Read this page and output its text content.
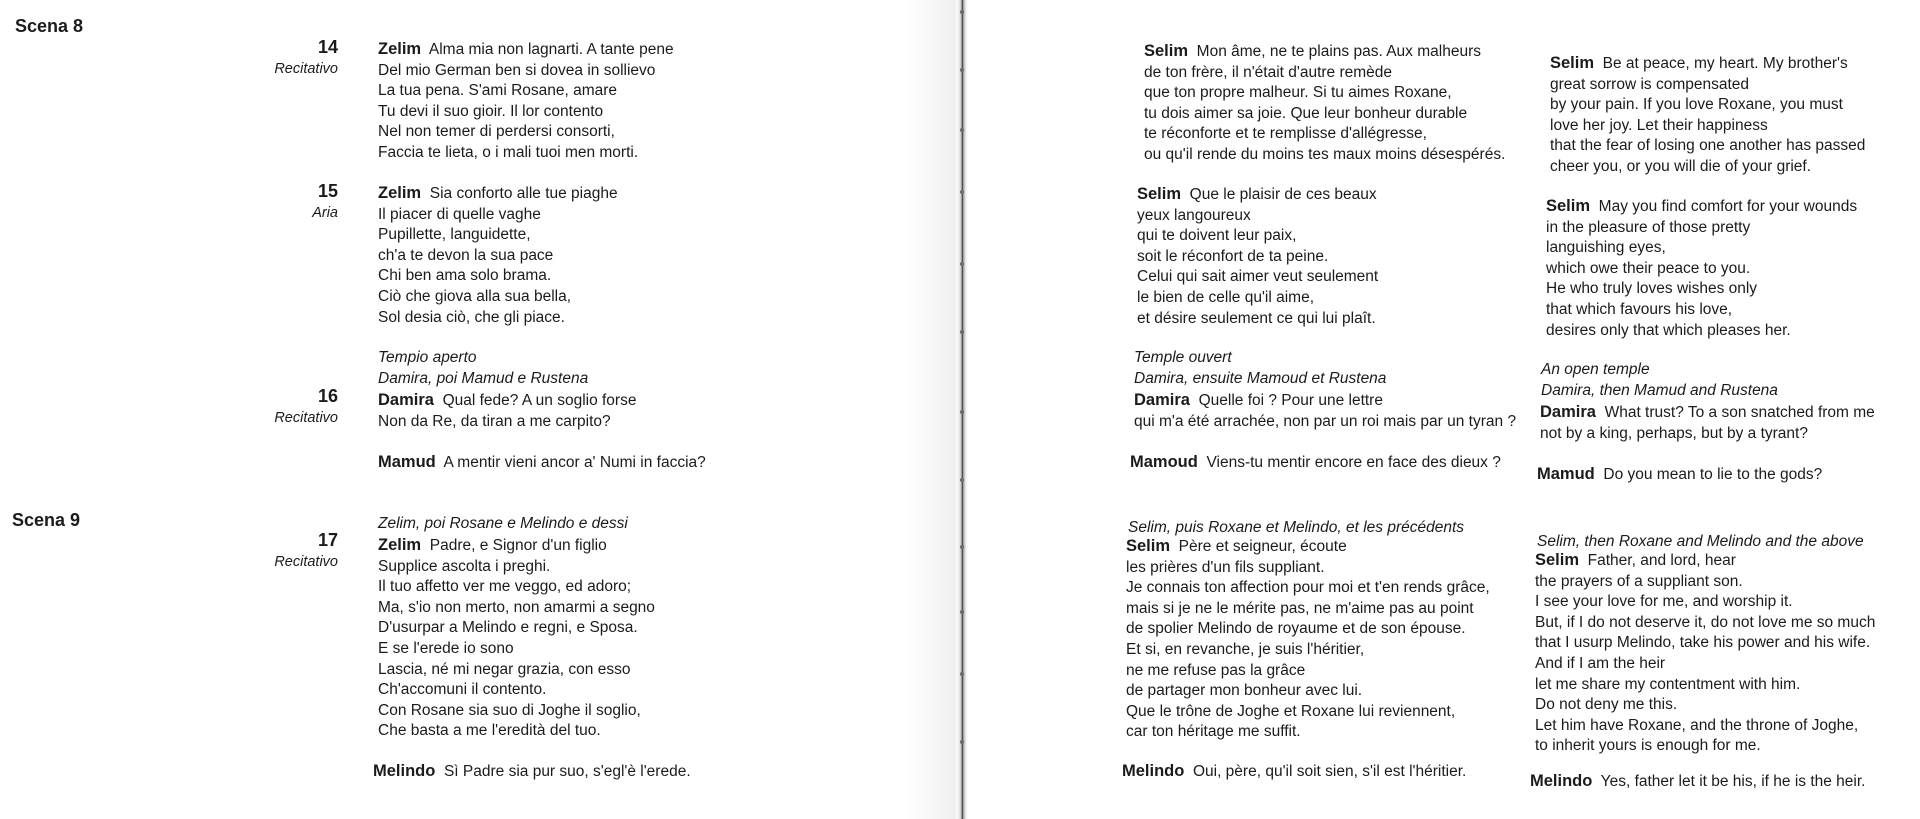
Scena 8
14
Recitativo

Zelim Alma mia non lagnarti. A tante pene

Del mio German ben si dovea in sollievo

La tua pena. S'ami Rosane, amare

Tu devi il suo gioir. Il lor contento

Nel non temer di perdersi consorti,

Faccia te lieta, o i mali tuoi men morti.

15
Aria

Zelim Sia conforto alle tue piaghe

Il piacer di quelle vaghe

Pupillette, languidette,

ch'a te devon la sua pace

Chi ben ama solo brama.

Ciò che giova alla sua bella,

Sol desia ciò, che gli piace.

Tempio aperto

Damira, poi Mamud e Rustena

16
Recitativo

Damira Qual fede? A un soglio forse

Non da Re, da tiran a me carpito?

Mamud A mentir vieni ancor a' Numi in faccia?

Scena 9	Zelim, poi Rosane e Melindo e dessi

17
Recitativo

Zelim Padre, e Signor d'un figlio

Supplice ascolta i preghi.

Il tuo affetto ver me veggo, ed adoro;

Ma, s'io non merto, non amarmi a segno

D'usurpar a Melindo e regni, e Sposa.

E se l'erede io sono

Lascia, né mi negar grazia, con esso

Ch'accomuni il contento.

Con Rosane sia suo di Joghe il soglio,

Che basta a me l'eredità del tuo.

Melindo Sì Padre sia pur suo, s'egl'è l'erede.

Selim Mon âme, ne te plains pas. Aux malheurs

de ton frère, il n'était d'autre remède

que ton propre malheur. Si tu aimes Roxane,

tu dois aimer sa joie. Que leur bonheur durable

te réconforte et te remplisse d'allégresse,

ou qu'il rende du moins tes maux moins désespérés.

Selim Que le plaisir de ces beaux

yeux langoureux

qui te doivent leur paix,

soit le réconfort de ta peine.

Celui qui sait aimer veut seulement

le bien de celle qu'il aime,

et désire seulement ce qui lui plaît.

Temple ouvert

Damira, ensuite Mamoud et Rustena

Damira Quelle foi ? Pour une lettre

qui m'a été arrachée, non par un roi mais par un tyran ?

Mamoud Viens-tu mentir encore en face des dieux ?

Selim, puis Roxane et Melindo, et les précédents

Selim Père et seigneur, écoute

les prières d'un fils suppliant.

Je connais ton affection pour moi et t'en rends grâce,

mais si je ne le mérite pas, ne m'aime pas au point

de spolier Melindo de royaume et de son épouse.

Et si, en revanche, je suis l'héritier,

ne me refuse pas la grâce

de partager mon bonheur avec lui.

Que le trône de Joghe et Roxane lui reviennent,

car ton héritage me suffit.

Melindo Oui, père, qu'il soit sien, s'il est l'héritier.

Selim Be at peace, my heart. My brother's

great sorrow is compensated

by your pain. If you love Roxane, you must

love her joy. Let their happiness

that the fear of losing one another has passed

cheer you, or you will die of your grief.

Selim May you find comfort for your wounds

in the pleasure of those pretty

languishing eyes,

which owe their peace to you.

He who truly loves wishes only

that which favours his love,

desires only that which pleases her.

An open temple

Damira, then Mamud and Rustena

Damira What trust? To a son snatched from me

not by a king, perhaps, but by a tyrant?

Mamud Do you mean to lie to the gods?

Selim, then Roxane and Melindo and the above

Selim Father, and lord, hear

the prayers of a suppliant son.

I see your love for me, and worship it.

But, if I do not deserve it, do not love me so much

that I usurp Melindo, take his power and his wife.

And if I am the heir

let me share my contentment with him.

Do not deny me this.

Let him have Roxane, and the throne of Joghe,

to inherit yours is enough for me.

Melindo Yes, father let it be his, if he is the heir.
